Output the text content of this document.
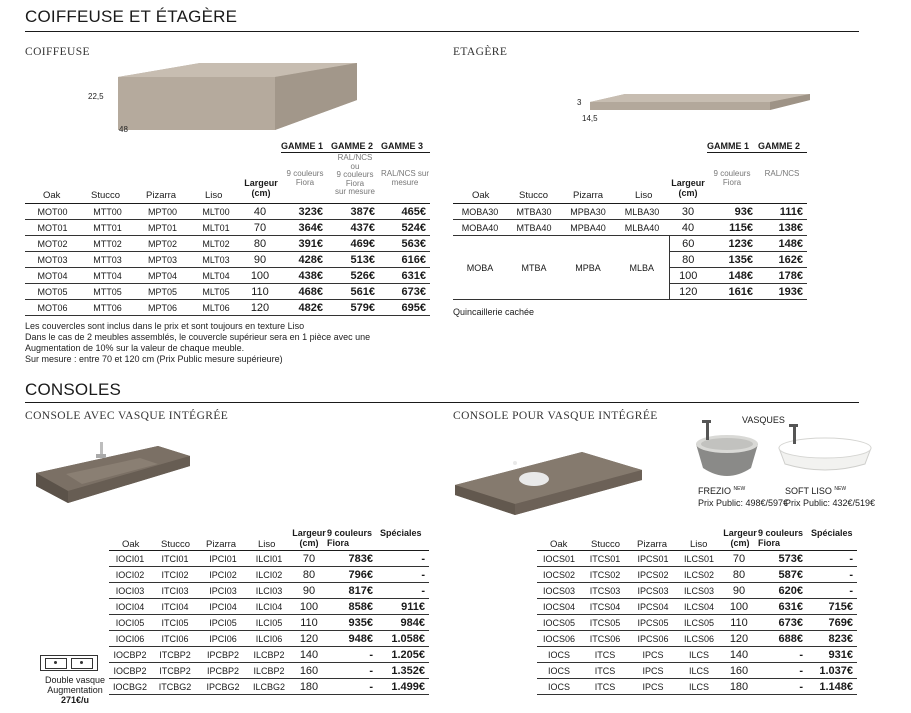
COIFFEUSE ET ÉTAGÈRE
COIFFEUSE
22,5
48
GAMME 1 GAMME 2 GAMME 3
9 couleurs Fiora
RAL/NCS
ou
9 couleurs
Fiora
sur mesure
RAL/NCS sur mesure
Oak	Stucco	Pizarra	Liso
Largeur (cm)
MOT00	MTT00	MPT00	MLT00	40	323€	387€	465€
MOT01	MTT01	MPT01	MLT01	70	364€	437€	524€
MOT02	MTT02	MPT02	MLT02	80	391€	469€	563€
MOT03	MTT03	MPT03	MLT03	90	428€	513€	616€
MOT04	MTT04	MPT04	MLT04	100	438€	526€	631€
MOT05	MTT05	MPT05	MLT05	110	468€	561€	673€
MOT06	MTT06	MPT06	MLT06	120	482€	579€	695€
Les couvercles sont inclus dans le prix et sont toujours en texture Liso
Dans le cas de 2 meubles assemblés, le couvercle supérieur sera en 1 pièce avec une
Augmentation de 10% sur la valeur de chaque meuble.
Sur mesure : entre 70 et 120 cm (Prix Public mesure supérieure)
ETAGÈRE
3
14,5
GAMME 1 GAMME 2
9 couleurs Fiora
RAL/NCS
Oak	Stucco	Pizarra	Liso
Largeur (cm)
MOBA30	MTBA30	MPBA30	MLBA30	30	93€	111€
MOBA40	MTBA40	MPBA40	MLBA40	40	115€	138€
MOBA	MTBA	MPBA	MLBA	60	123€	148€
				80	135€	162€
				100	148€	178€
				120	161€	193€
Quincaillerie cachée
CONSOLES
CONSOLE AVEC VASQUE INTÉGRÉE
Oak Stucco Pizarra Liso
Largeur (cm)
9 couleurs Fiora
Spéciales
IOCI01	ITCI01	IPCI01	ILCI01	70	783€	-
IOCI02	ITCI02	IPCI02	ILCI02	80	796€	-
IOCI03	ITCI03	IPCI03	ILCI03	90	817€	-
IOCI04	ITCI04	IPCI04	ILCI04	100	858€	911€
IOCI05	ITCI05	IPCI05	ILCI05	110	935€	984€
IOCI06	ITCI06	IPCI06	ILCI06	120	948€	1.058€
IOCBP2	ITCBP2	IPCBP2	ILCBP2	140	-	1.205€
IOCBP2	ITCBP2	IPCBP2	ILCBP2	160	-	1.352€
IOCBG2	ITCBG2	IPCBG2	ILCBG2	180	-	1.499€
Double vasque
Augmentation
271€/u
CONSOLE POUR VASQUE INTÉGRÉE	VASQUES
FREZIO $^{NEW}$	SOFT LISO $^{NEW}$
Prix Public: 498€/597€
Prix Public: 432€/519€
Oak Stucco Pizarra Liso
Largeur (cm)
9 couleurs Fiora
Spéciales
IOCS01	ITCS01	IPCS01	ILCS01	70	573€	-
IOCS02	ITCS02	IPCS02	ILCS02	80	587€	-
IOCS03	ITCS03	IPCS03	ILCS03	90	620€	-
IOCS04	ITCS04	IPCS04	ILCS04	100	631€	715€
IOCS05	ITCS05	IPCS05	ILCS05	110	673€	769€
IOCS06	ITCS06	IPCS06	ILCS06	120	688€	823€
IOCS	ITCS	IPCS	ILCS	140	-	931€
IOCS	ITCS	IPCS	ILCS	160	-	1.037€
IOCS	ITCS	IPCS	ILCS	180	-	1.148€
